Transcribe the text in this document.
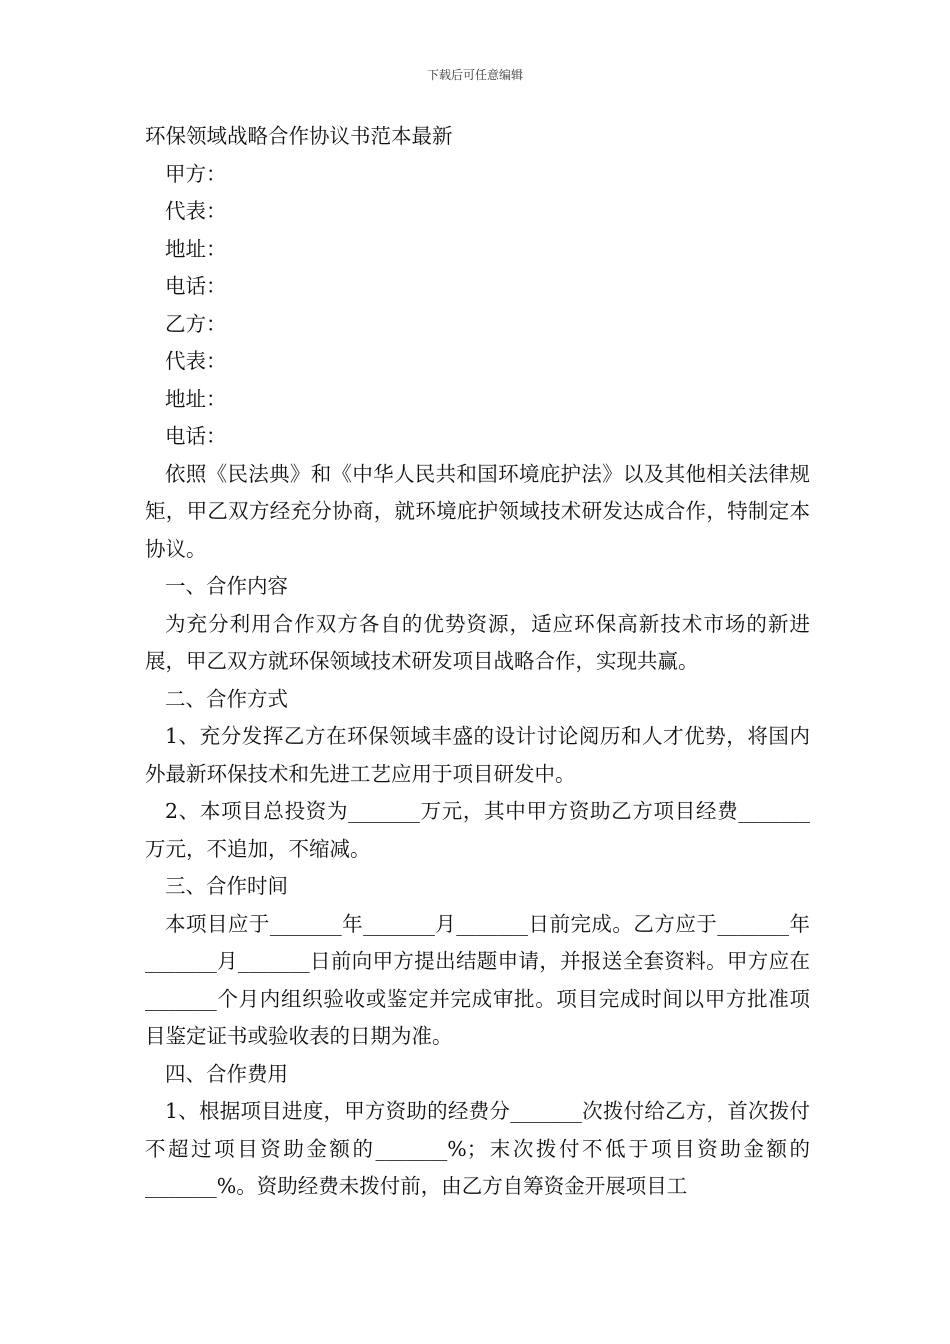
下载后可任意编辑

环保领域战略合作协议书范本最新

甲方：

代表：

地址：

电话：

乙方：

代表：

地址：

电话：

依照《民法典》和《中华人民共和国环境庇护法》以及其他相关法律规矩，甲乙双方经充分协商，就环境庇护领域技术研发达成合作，特制定本协议。

一、合作内容

为充分利用合作双方各自的优势资源，适应环保高新技术市场的新进展，甲乙双方就环保领域技术研发项目战略合作，实现共赢。

二、合作方式

1、充分发挥乙方在环保领域丰盛的设计讨论阅历和人才优势，将国内外最新环保技术和先进工艺应用于项目研发中。

2、本项目总投资为_______万元，其中甲方资助乙方项目经费_______万元，不追加，不缩减。

三、合作时间

本项目应于_______年_______月_______日前完成。乙方应于_______年_______月_______日前向甲方提出结题申请，并报送全套资料。甲方应在_______个月内组织验收或鉴定并完成审批。项目完成时间以甲方批准项目鉴定证书或验收表的日期为准。

四、合作费用

1、根据项目进度，甲方资助的经费分_______次拨付给乙方，首次拨付不超过项目资助金额的_______%；末次拨付不低于项目资助金额的_______%。资助经费未拨付前，由乙方自筹资金开展项目工
